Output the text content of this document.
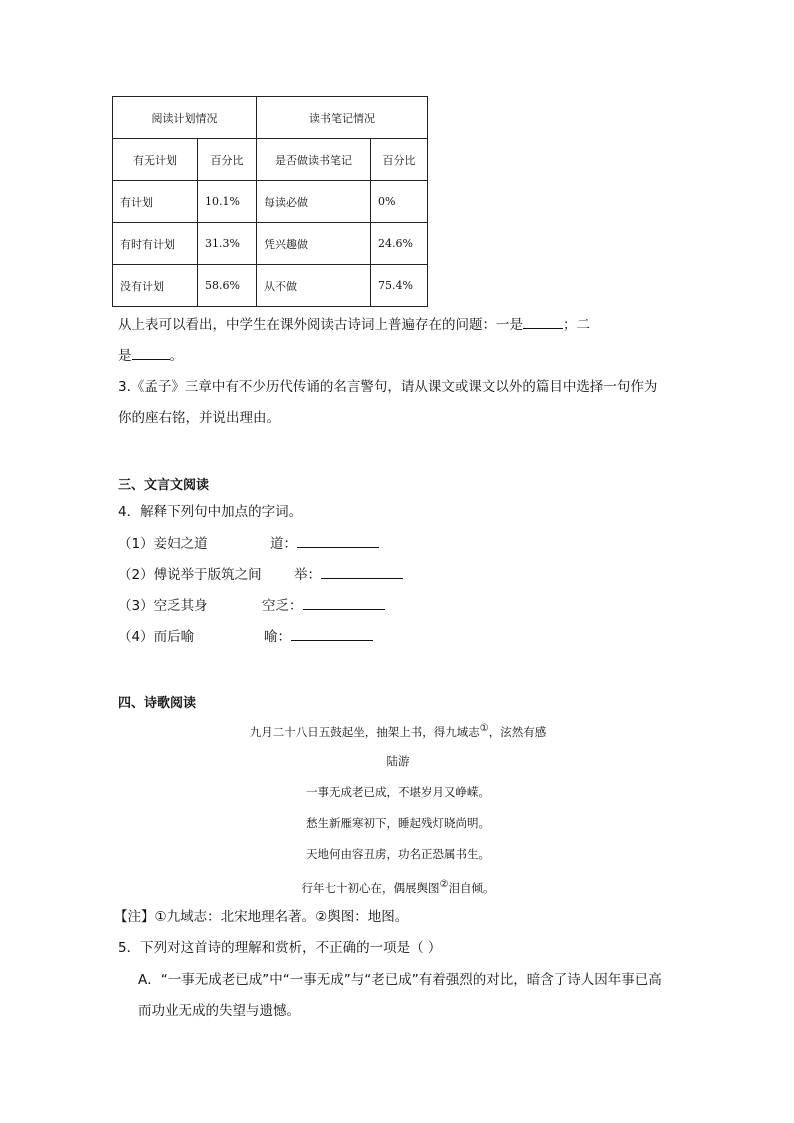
阅读计划情况		读书笔记情况	
有无计划	百分比	是否做读书笔记	百分比
有计划	10.1%	每读必做	0%
有时有计划	31.3%	凭兴趣做	24.6%
没有计划	58.6%	从不做	75.4%
从上表可以看出，中学生在课外阅读古诗词上普遍存在的问题：一是	；二
是	。
3.《孟子》三章中有不少历代传诵的名言警句，请从课文或课文以外的篇目中选择一句作为
你的座右铭，并说出理由。
三、文言文阅读
4．解释下列句中加点的字词。
（1）妾妇之道	道：
（2）傅说举于版筑之间 举：
（3）空乏其身	空乏：
（4）而后喻	喻：
四、诗歌阅读
九月二十八日五鼓起坐，抽架上书，得九域志①，泫然有感
陆游
一事无成老已成，不堪岁月又峥嵘。
愁生新雁寒初下，睡起残灯晓尚明。
天地何由容丑虏，功名正恐属书生。
行年七十初心在，偶展舆图②泪自倾。
【注】①九域志：北宋地理名著。②舆图：地图。
5．下列对这首诗的理解和赏析，不正确的一项是（ ）
A．“一事无成老已成”中“一事无成”与“老已成”有着强烈的对比，暗含了诗人因年事已高
而功业无成的失望与遗憾。
